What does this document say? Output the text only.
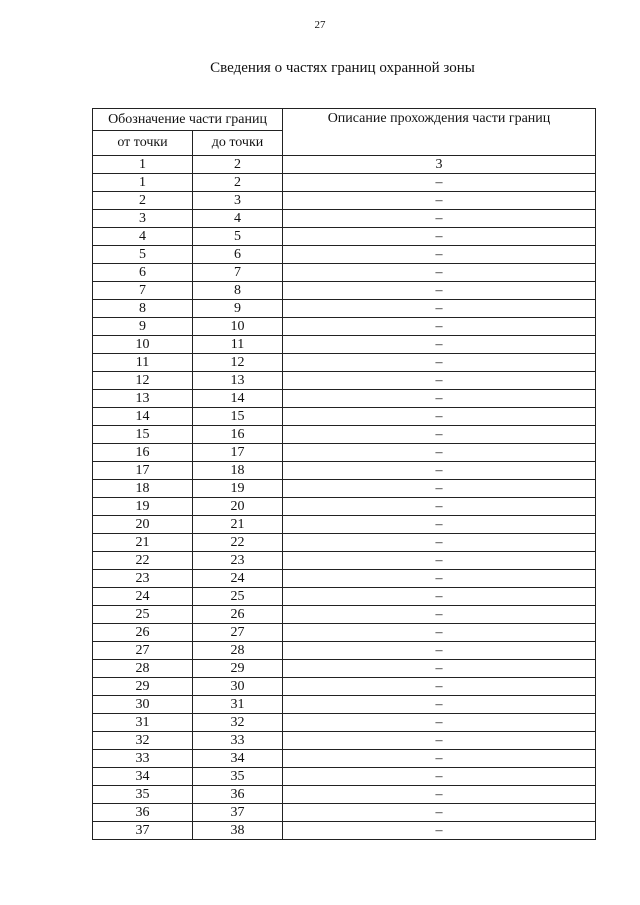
27
Сведения о частях границ охранной зоны
Обозначение части границ		Описание прохождения части границ
от точки	до точки	
1	2	3
1	2	–
2	3	–
3	4	–
4	5	–
5	6	–
6	7	–
7	8	–
8	9	–
9	10	–
10	11	–
11	12	–
12	13	–
13	14	–
14	15	–
15	16	–
16	17	–
17	18	–
18	19	–
19	20	–
20	21	–
21	22	–
22	23	–
23	24	–
24	25	–
25	26	–
26	27	–
27	28	–
28	29	–
29	30	–
30	31	–
31	32	–
32	33	–
33	34	–
34	35	–
35	36	–
36	37	–
37	38	–
